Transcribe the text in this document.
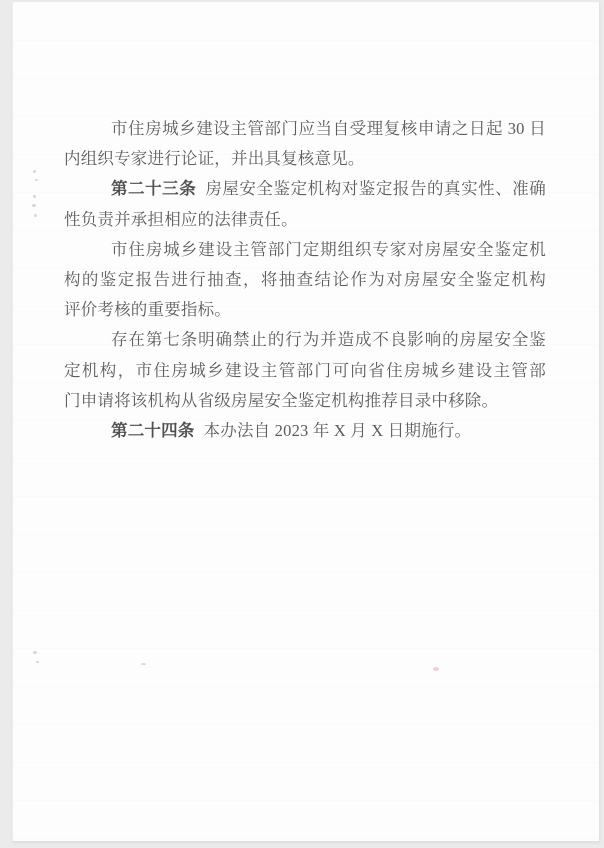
市住房城乡建设主管部门应当自受理复核申请之日起 30 日
内组织专家进行论证，并出具复核意见。
第二十三条 房屋安全鉴定机构对鉴定报告的真实性、准确
性负责并承担相应的法律责任。
市住房城乡建设主管部门定期组织专家对房屋安全鉴定机
构的鉴定报告进行抽查，将抽查结论作为对房屋安全鉴定机构
评价考核的重要指标。
存在第七条明确禁止的行为并造成不良影响的房屋安全鉴
定机构，市住房城乡建设主管部门可向省住房城乡建设主管部
门申请将该机构从省级房屋安全鉴定机构推荐目录中移除。
第二十四条 本办法自 2023 年 X 月 X 日期施行。
